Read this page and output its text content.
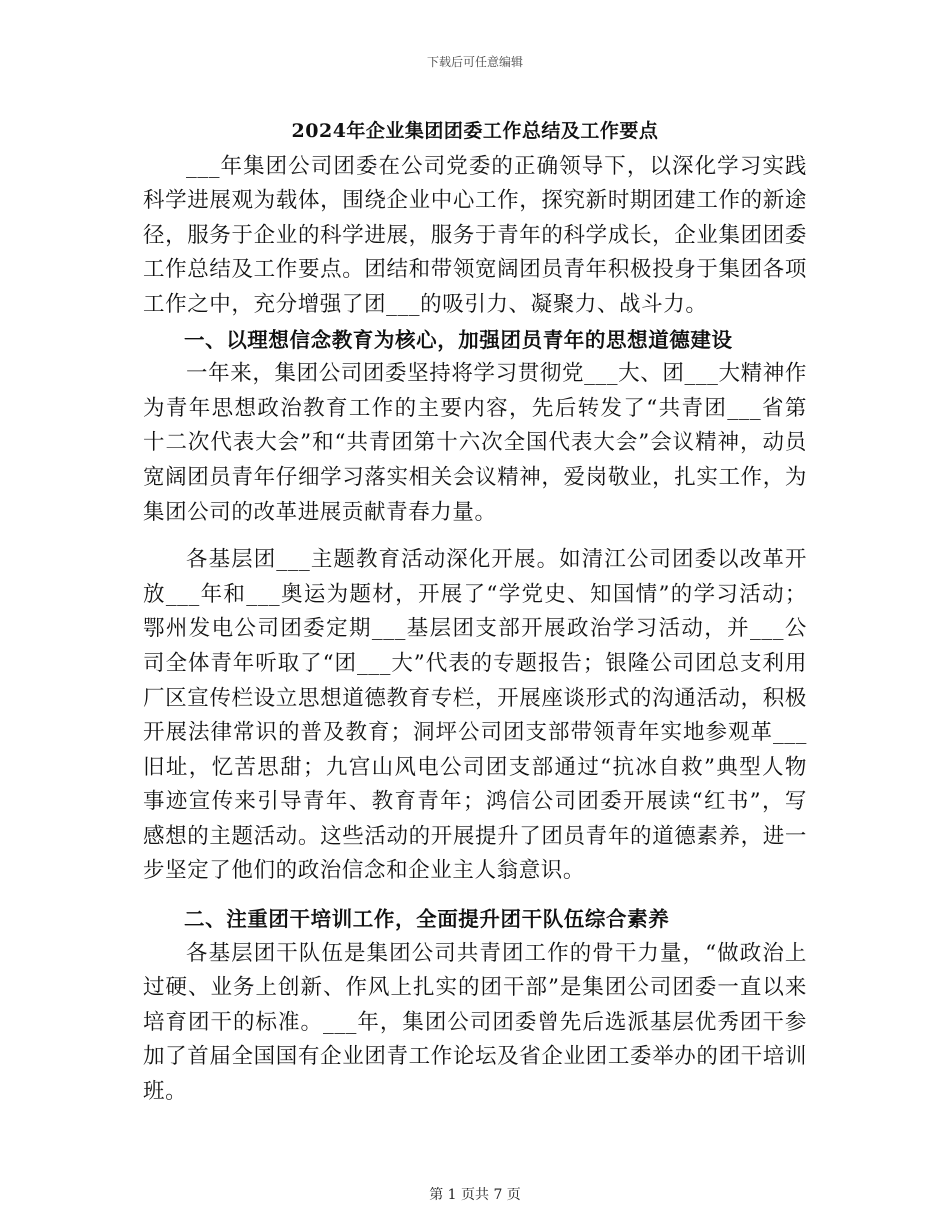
下载后可任意编辑

2024年企业集团团委工作总结及工作要点

___年集团公司团委在公司党委的正确领导下，以深化学习实践科学进展观为载体，围绕企业中心工作，探究新时期团建工作的新途径，服务于企业的科学进展，服务于青年的科学成长，企业集团团委工作总结及工作要点。团结和带领宽阔团员青年积极投身于集团各项工作之中，充分增强了团___的吸引力、凝聚力、战斗力。

一、以理想信念教育为核心，加强团员青年的思想道德建设

一年来，集团公司团委坚持将学习贯彻党___大、团___大精神作为青年思想政治教育工作的主要内容，先后转发了“共青团___省第十二次代表大会”和“共青团第十六次全国代表大会”会议精神，动员宽阔团员青年仔细学习落实相关会议精神，爱岗敬业，扎实工作，为集团公司的改革进展贡献青春力量。

各基层团___主题教育活动深化开展。如清江公司团委以改革开放___年和___奥运为题材，开展了“学党史、知国情”的学习活动；鄂州发电公司团委定期___基层团支部开展政治学习活动，并___公司全体青年听取了“团___大”代表的专题报告；银隆公司团总支利用厂区宣传栏设立思想道德教育专栏，开展座谈形式的沟通活动，积极开展法律常识的普及教育；洞坪公司团支部带领青年实地参观革___旧址，忆苦思甜；九宫山风电公司团支部通过“抗冰自救”典型人物事迹宣传来引导青年、教育青年；鸿信公司团委开展读“红书”，写感想的主题活动。这些活动的开展提升了团员青年的道德素养，进一步坚定了他们的政治信念和企业主人翁意识。

二、注重团干培训工作，全面提升团干队伍综合素养

各基层团干队伍是集团公司共青团工作的骨干力量，“做政治上过硬、业务上创新、作风上扎实的团干部”是集团公司团委一直以来培育团干的标准。___年，集团公司团委曾先后选派基层优秀团干参加了首届全国国有企业团青工作论坛及省企业团工委举办的团干培训班。

第 1 页共 7 页
